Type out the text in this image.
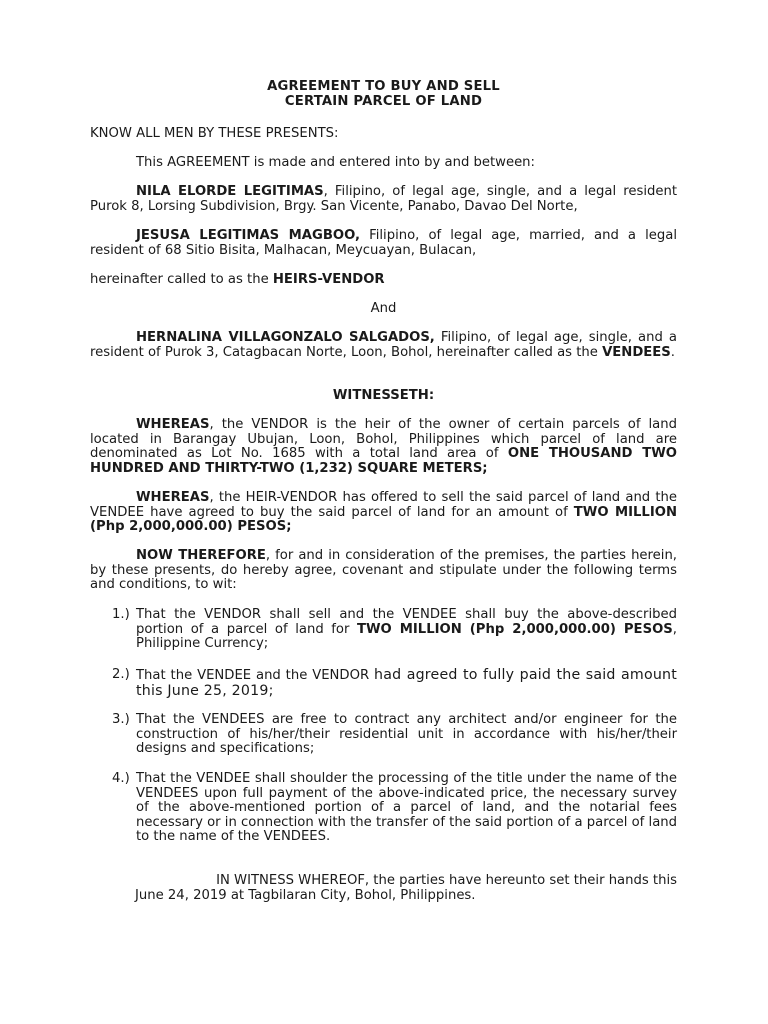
AGREEMENT TO BUY AND SELL
CERTAIN PARCEL OF LAND
KNOW ALL MEN BY THESE PRESENTS:
This AGREEMENT is made and entered into by and between:
NILA ELORDE LEGITIMAS, Filipino, of legal age, single, and a legal resident Purok 8, Lorsing Subdivision, Brgy. San Vicente, Panabo, Davao Del Norte,
JESUSA LEGITIMAS MAGBOO, Filipino, of legal age, married, and a legal resident of 68 Sitio Bisita, Malhacan, Meycuayan, Bulacan,
hereinafter called to as the HEIRS-VENDOR
And
HERNALINA VILLAGONZALO SALGADOS, Filipino, of legal age, single, and a resident of Purok 3, Catagbacan Norte, Loon, Bohol, hereinafter called as the VENDEES.
WITNESSETH:
WHEREAS, the VENDOR is the heir of the owner of certain parcels of land located in Barangay Ubujan, Loon, Bohol, Philippines which parcel of land are denominated as Lot No. 1685 with a total land area of ONE THOUSAND TWO HUNDRED AND THIRTY-TWO (1,232) SQUARE METERS;
WHEREAS, the HEIR-VENDOR has offered to sell the said parcel of land and the VENDEE have agreed to buy the said parcel of land for an amount of TWO MILLION (Php 2,000,000.00) PESOS;
NOW THEREFORE, for and in consideration of the premises, the parties herein, by these presents, do hereby agree, covenant and stipulate under the following terms and conditions, to wit:
1.) That the VENDOR shall sell and the VENDEE shall buy the above-described portion of a parcel of land for TWO MILLION (Php 2,000,000.00) PESOS, Philippine Currency;
2.) That the VENDEE and the VENDOR had agreed to fully paid the said amount this June 25, 2019;
3.) That the VENDEES are free to contract any architect and/or engineer for the construction of his/her/their residential unit in accordance with his/her/their designs and specifications;
4.) That the VENDEE shall shoulder the processing of the title under the name of the VENDEES upon full payment of the above-indicated price, the necessary survey of the above-mentioned portion of a parcel of land, and the notarial fees necessary or in connection with the transfer of the said portion of a parcel of land to the name of the VENDEES.
IN WITNESS WHEREOF, the parties have hereunto set their hands this
June 24, 2019 at Tagbilaran City, Bohol, Philippines.
